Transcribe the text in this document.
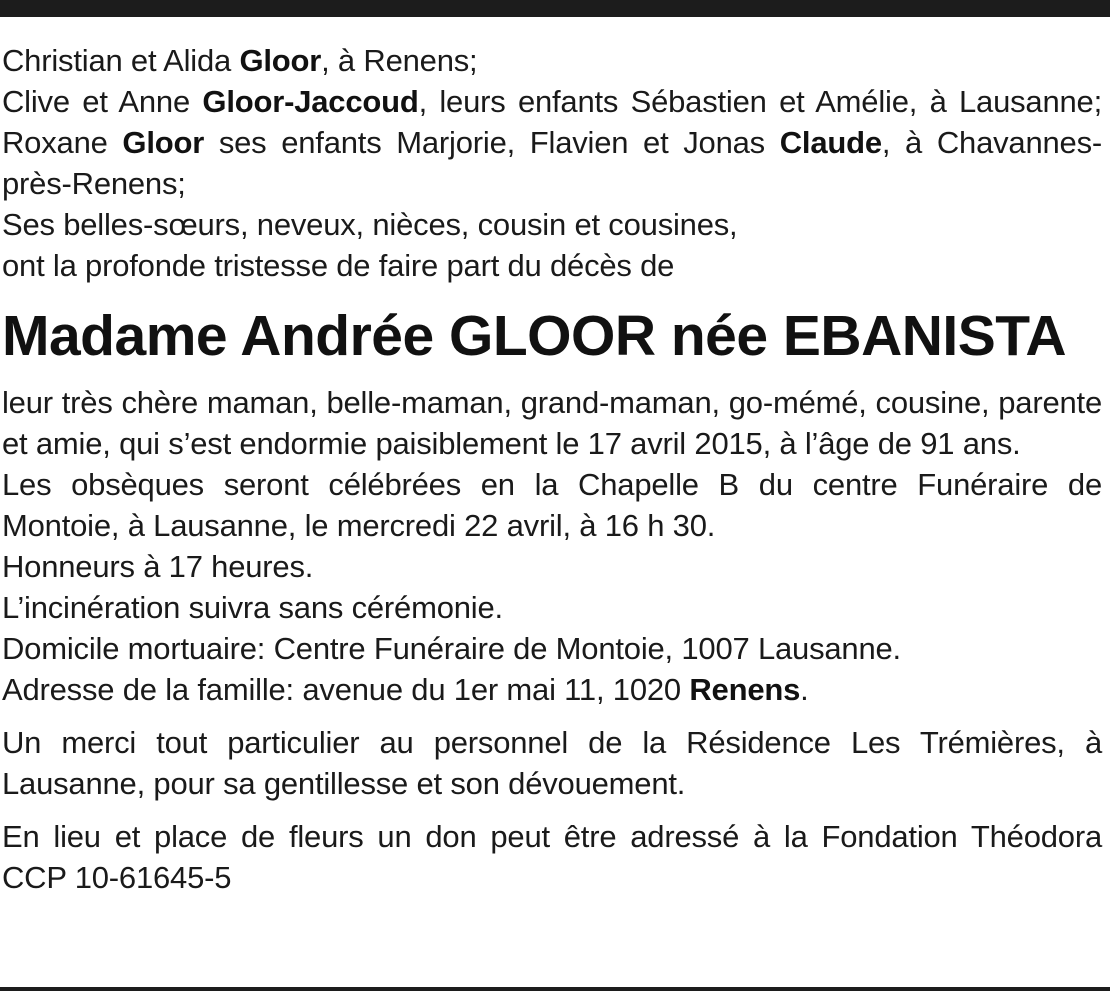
Christian et Alida Gloor, à Renens;

Clive et Anne Gloor-Jaccoud, leurs enfants Sébastien et Amélie, à Lausanne;

Roxane Gloor ses enfants Marjorie, Flavien et Jonas Claude, à Chavannes-près-Renens;

Ses belles-sœurs, neveux, nièces, cousin et cousines,

ont la profonde tristesse de faire part du décès de

Madame Andrée GLOOR née EBANISTA

leur très chère maman, belle-maman, grand-maman, go-mémé, cousine, parente et amie, qui s’est endormie paisiblement le 17 avril 2015, à l’âge de 91 ans.

Les obsèques seront célébrées en la Chapelle B du centre Funéraire de Montoie, à Lausanne, le mercredi 22 avril, à 16 h 30.

Honneurs à 17 heures.

L’incinération suivra sans cérémonie.

Domicile mortuaire: Centre Funéraire de Montoie, 1007 Lausanne.

Adresse de la famille: avenue du 1er mai 11, 1020 Renens.

Un merci tout particulier au personnel de la Résidence Les Trémières, à Lausanne, pour sa gentillesse et son dévouement.

En lieu et place de fleurs un don peut être adressé à la Fondation Théodora

CCP 10-61645-5
